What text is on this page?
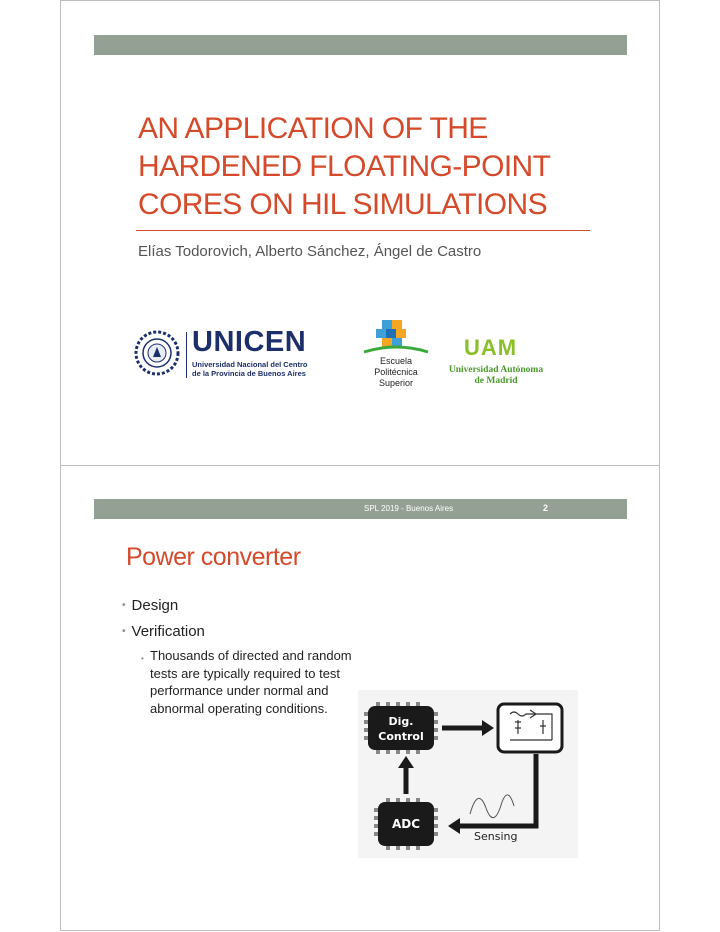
AN APPLICATION OF THE
HARDENED FLOATING-POINT
CORES ON HIL SIMULATIONS
Elías Todorovich, Alberto Sánchez, Ángel de Castro
UNICEN
Universidad Nacional del Centro
de la Provincia de Buenos Aires
Escuela
Politécnica
Superior
UAM
Universidad Autónoma
de Madrid
SPL 2019 - Buenos Aires	2
Power converter
• Design
• Verification
• Thousands of directed and random tests are typically required to test performance under normal and abnormal operating conditions.
Dig.
Control
Sensing
ADC
